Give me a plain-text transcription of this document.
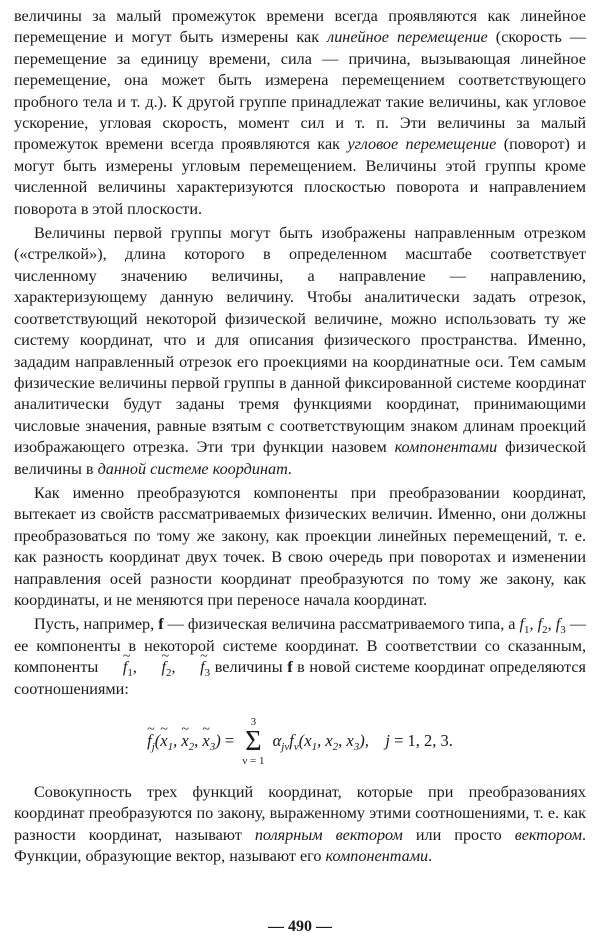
величины за малый промежуток времени всегда проявляются как линейное перемещение и могут быть измерены как линейное перемещение (скорость — перемещение за единицу времени, сила — причина, вызывающая линейное перемещение, она может быть измерена перемещением соответствующего пробного тела и т. д.). К другой группе принадлежат такие величины, как угловое ускорение, угловая скорость, момент сил и т. п. Эти величины за малый промежуток времени всегда проявляются как угловое перемещение (поворот) и могут быть измерены угловым перемещением. Величины этой группы кроме численной величины характеризуются плоскостью поворота и направлением поворота в этой плоскости.

Величины первой группы могут быть изображены направленным отрезком («стрелкой»), длина которого в определенном масштабе соответствует численному значению величины, а направление — направлению, характеризующему данную величину. Чтобы аналитически задать отрезок, соответствующий некоторой физической величине, можно использовать ту же систему координат, что и для описания физического пространства. Именно, зададим направленный отрезок его проекциями на координатные оси. Тем самым физические величины первой группы в данной фиксированной системе координат аналитически будут заданы тремя функциями координат, принимающими числовые значения, равные взятым с соответствующим знаком длинам проекций изображающего отрезка. Эти три функции назовем компонентами физической величины в данной системе координат.

Как именно преобразуются компоненты при преобразовании координат, вытекает из свойств рассматриваемых физических величин. Именно, они должны преобразоваться по тому же закону, как проекции линейных перемещений, т. е. как разность координат двух точек. В свою очередь при поворотах и изменении направления осей разности координат преобразуются по тому же закону, как координаты, и не меняются при переносе начала координат.

Пусть, например, f — физическая величина рассматриваемого типа, а $f_1$, $f_2$, $f_3$ — ее компоненты в некоторой системе координат. В соответствии со сказанным, компоненты ~ $f_1$, ~ $f_2$, ~ $f_3$ величины f в новой системе координат определяются соотношениями:

~ $f_j(\sim$ $x_1$, ~ $x_2$, ~ $x_3$) =
3
Σ
ν = 1
$\alpha_{j\nu}f_\nu(x_1$, $x_2$, $x_3$),    j = 1, 2, 3.

Совокупность трех функций координат, которые при преобразованиях координат преобразуются по закону, выраженному этими соотношениями, т. е. как разности координат, называют полярным вектором или просто вектором. Функции, образующие вектор, называют его компонентами.

— 490 —
